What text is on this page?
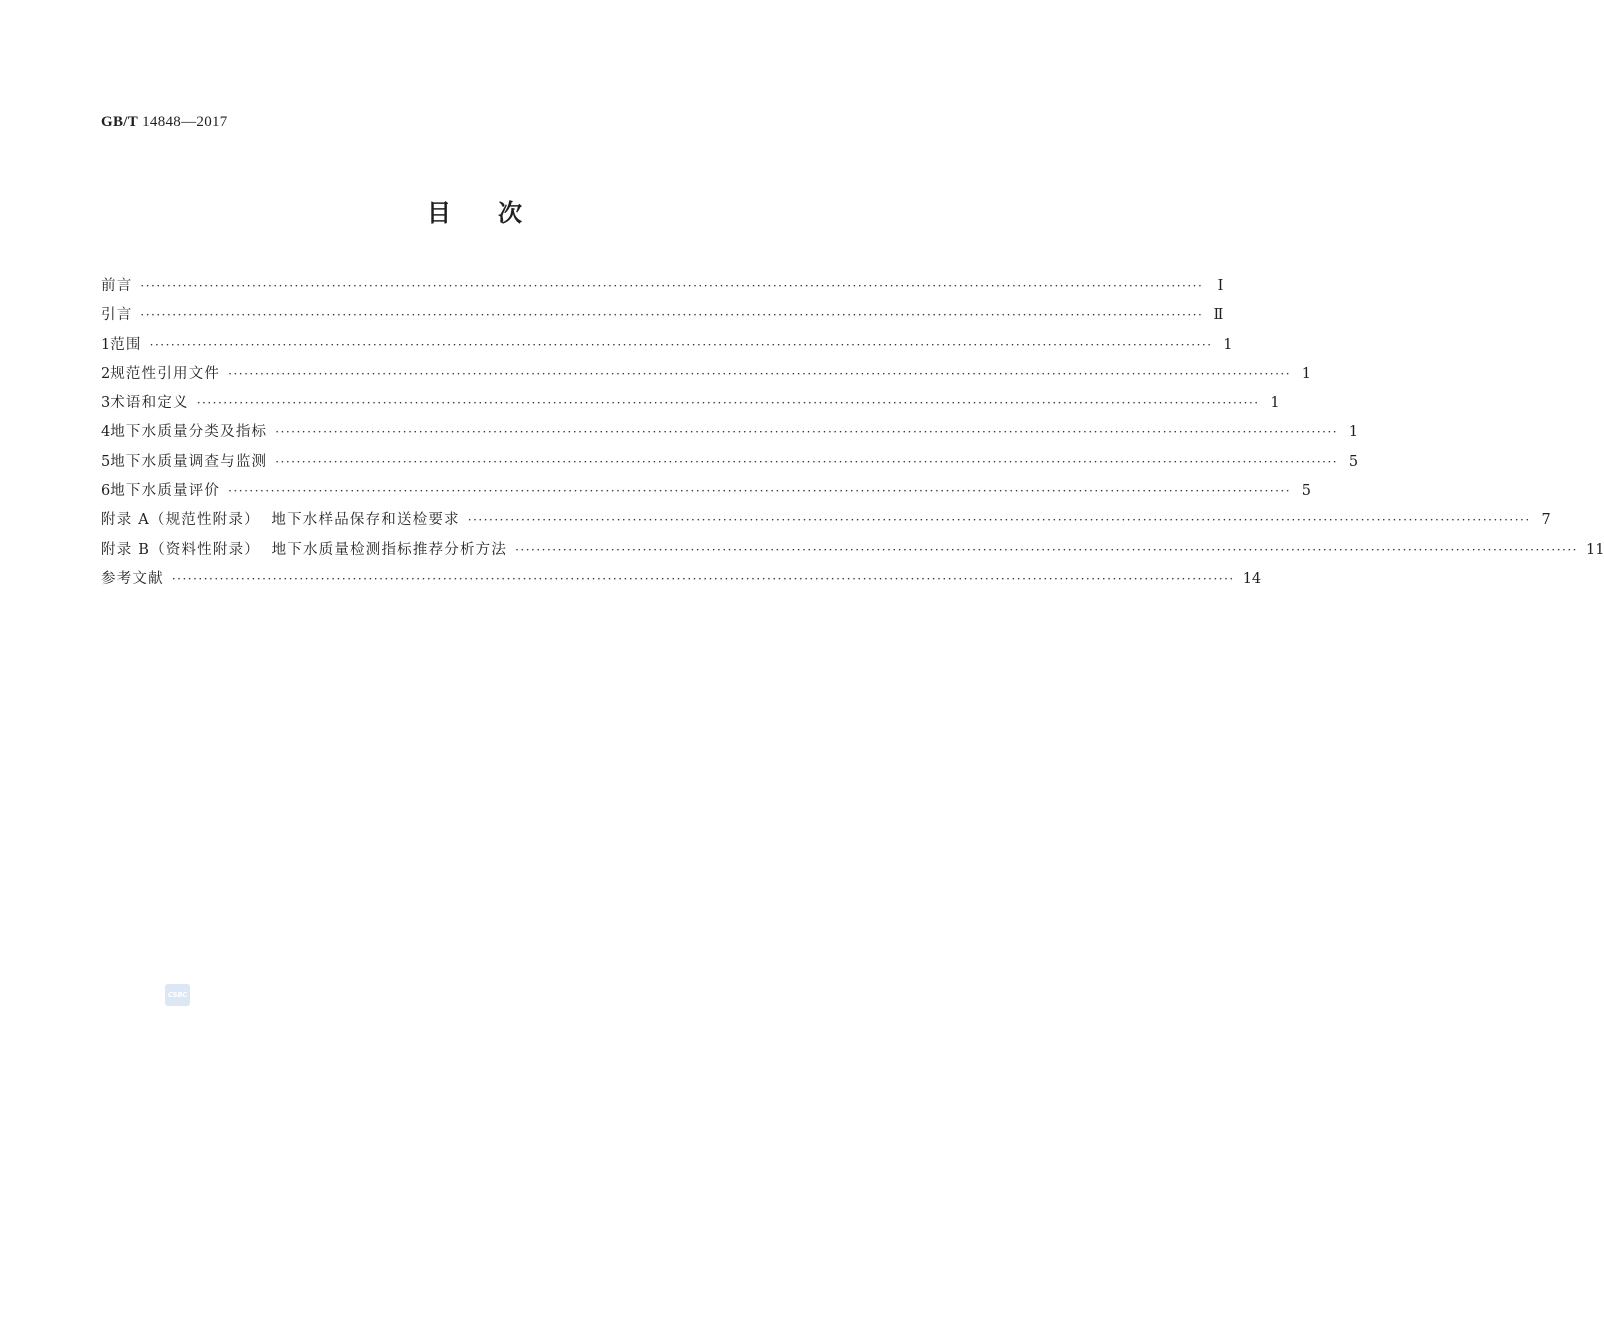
GB/T 14848—2017
目 次
前言 ········································································································································································································ Ⅰ
引言 ········································································································································································································ Ⅱ
1 范围 ········································································································································································································ 1
2 规范性引用文件 ········································································································································································································ 1
3 术语和定义 ········································································································································································································ 1
4 地下水质量分类及指标 ········································································································································································································ 1
5 地下水质量调查与监测 ········································································································································································································ 5
6 地下水质量评价 ········································································································································································································ 5
附录 A（规范性附录）  地下水样品保存和送检要求 ········································································································································································································ 7
附录 B（资料性附录）  地下水质量检测指标推荐分析方法 ········································································································································································································ 11
参考文献 ········································································································································································································ 14
CSBC
